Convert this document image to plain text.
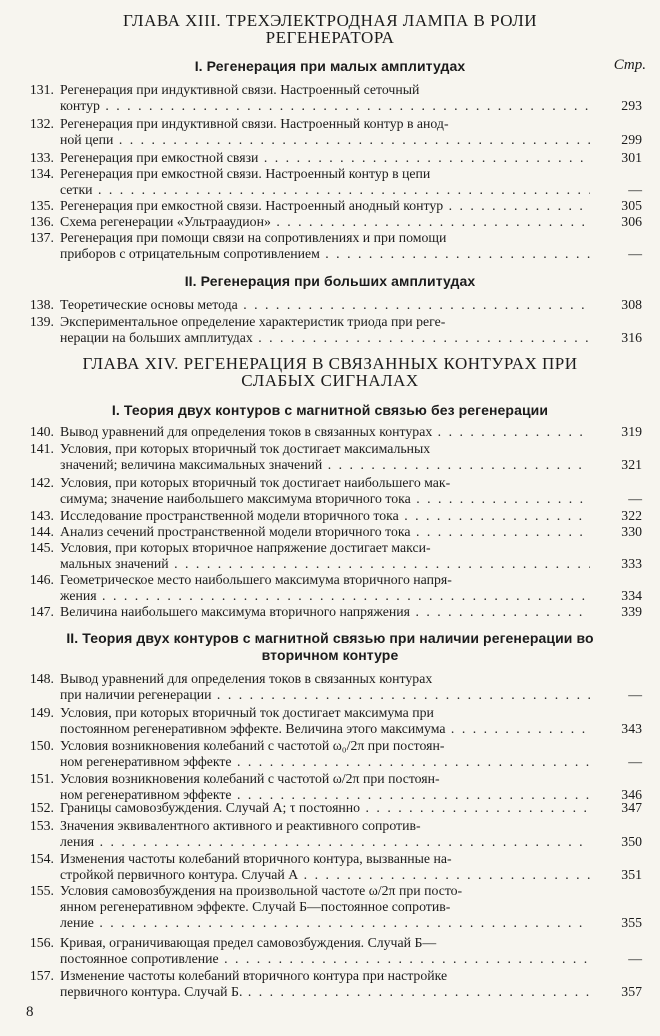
ГЛАВА XIII. ТРЕХЭЛЕКТРОДНАЯ ЛАМПА В РОЛИ РЕГЕНЕРАТОРА
I. Регенерация при малых амплитудах	Стр.
II. Регенерация при больших амплитудах
ГЛАВА XIV. РЕГЕНЕРАЦИЯ В СВЯЗАННЫХ КОНТУРАХ ПРИ СЛАБЫХ СИГНАЛАХ
I. Теория двух контуров с магнитной связью без регенерации
II. Теория двух контуров с магнитной связью при наличии регенерации во вторичном контуре
131. Регенерация при индуктивной связи. Настроенный сеточный
контур . . .	293
132. Регенерация при индуктивной связи. Настроенный контур в анод-
ной цепи . . .	299
133. Регенерация при емкостной связи . . .	301
134. Регенерация при емкостной связи. Настроенный контур в цепи
сетки . . .	—
135. Регенерация при емкостной связи. Настроенный анодный контур . . .	305
136. Схема регенерации «Ультрааудион» . . .	306
137. Регенерация при помощи связи на сопротивлениях и при помощи
приборов с отрицательным сопротивлением . . .	—
138. Теоретические основы метода . . .	308
139. Экспериментальное определение характеристик триода при реге-
нерации на больших амплитудах . . .	316
140. Вывод уравнений для определения токов в связанных контурах . . .	319
141. Условия, при которых вторичный ток достигает максимальных
значений; величина максимальных значений . . .	321
142. Условия, при которых вторичный ток достигает наибольшего мак-
симума; значение наибольшего максимума вторичного тока . . .	—
143. Исследование пространственной модели вторичного тока . . .	322
144. Анализ сечений пространственной модели вторичного тока . . .	330
145. Условия, при которых вторичное напряжение достигает макси-
мальных значений . . .	333
146. Геометрическое место наибольшего максимума вторичного напря-
жения . . .	334
147. Величина наибольшего максимума вторичного напряжения . . .	339
148. Вывод уравнений для определения токов в связанных контурах
при наличии регенерации . . .	—
149. Условия, при которых вторичный ток достигает максимума при
постоянном регенеративном эффекте. Величина этого максимума . . .	343
150. Условия возникновения колебаний с частотой ω₀/2π при постоян-
ном регенеративном эффекте . . .	—
151. Условия возникновения колебаний с частотой ω/2π при постоян-
ном регенеративном эффекте . . .	346
152. Границы самовозбуждения. Случай А; τ постоянно . . .	347
153. Значения эквивалентного активного и реактивного сопротив-
ления . . .	350
154. Изменения частоты колебаний вторичного контура, вызванные на-
стройкой первичного контура. Случай А . . .	351
155. Условия самовозбуждения на произвольной частоте ω/2π при посто-
янном регенеративном эффекте. Случай Б—постоянное сопротив-
ление . . .	355
156. Кривая, ограничивающая предел самовозбуждения. Случай Б—
постоянное сопротивление . . .	—
157. Изменение частоты колебаний вторичного контура при настройке
первичного контура. Случай Б. . . .	357
8
